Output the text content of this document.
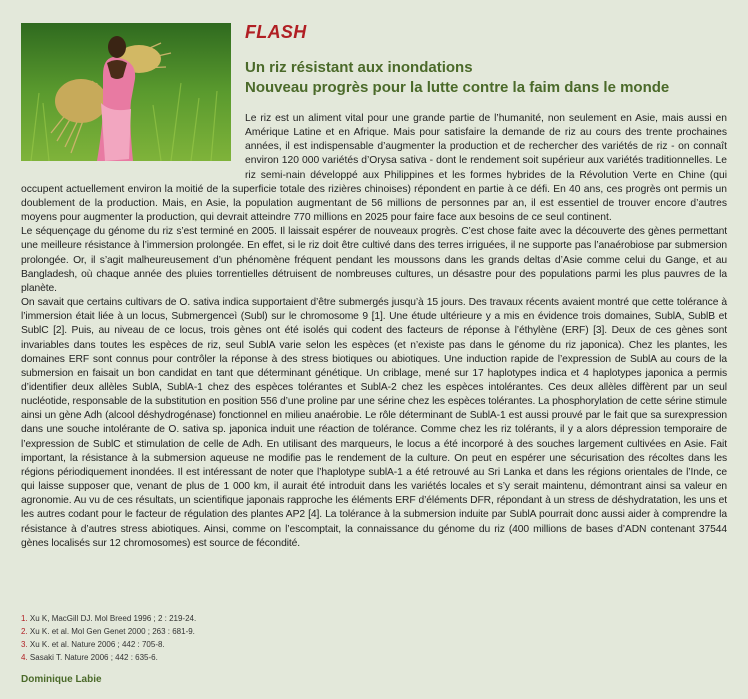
FLASH
Un riz résistant aux inondations
Nouveau progrès pour la lutte contre la faim dans le monde

Le riz est un aliment vital pour une grande partie de l’humanité, non seulement en Asie, mais aussi en Amérique Latine et en Afrique. Mais pour satisfaire la demande de riz au cours des trente prochaines années, il est indispensable d’augmenter la production et de rechercher des variétés de riz - on connaît environ 120 000 variétés d’Orysa sativa - dont le rendement soit supérieur aux variétés traditionnelles. Le riz semi-nain développé aux Philippines et les formes hybrides de la Révolution Verte en Chine (qui occupent actuellement environ la moitié de la superficie totale des rizières chinoises) répondent en partie à ce défi. En 40 ans, ces progrès ont permis un doublement de la production. Mais, en Asie, la population augmentant de 56 millions de personnes par an, il est essentiel de trouver encore d’autres moyens pour augmenter la production, qui devrait atteindre 770 millions en 2025 pour faire face aux besoins de ce seul continent.

Le séquençage du génome du riz s’est terminé en 2005. Il laissait espérer de nouveaux progrès. C’est chose faite avec la découverte des gènes permettant une meilleure résistance à l’immersion prolongée. En effet, si le riz doit être cultivé dans des terres irriguées, il ne supporte pas l’anaérobiose par submersion prolongée. Or, il s’agit malheureusement d’un phénomène fréquent pendant les moussons dans les grands deltas d’Asie comme celui du Gange, et au Bangladesh, où chaque année des pluies torrentielles détruisent de nombreuses cultures, un désastre pour des populations parmi les plus pauvres de la planète.

On savait que certains cultivars de O. sativa indica supportaient d’être submergés jusqu’à 15 jours. Des travaux récents avaient montré que cette tolérance à l’immersion était liée à un locus, Submergenceì (Subl) sur le chromosome 9 [1]. Une étude ultérieure y a mis en évidence trois domaines, SublA, SublB et SublC [2]. Puis, au niveau de ce locus, trois gènes ont été isolés qui codent des facteurs de réponse à l’éthylène (ERF) [3]. Deux de ces gènes sont invariables dans toutes les espèces de riz, seul SublA varie selon les espèces (et n’existe pas dans le génome du riz japonica). Chez les plantes, les domaines ERF sont connus pour contrôler la réponse à des stress biotiques ou abiotiques. Une induction rapide de l’expression de SublA au cours de la submersion en faisait un bon candidat en tant que déterminant génétique. Un criblage, mené sur 17 haplotypes indica et 4 haplotypes japonica a permis d’identifier deux allèles SublA, SublA-1 chez des espèces tolérantes et SublA-2 chez les espèces intolérantes. Ces deux allèles diffèrent par un seul nucléotide, responsable de la substitution en position 556 d’une proline par une sérine chez les espèces tolérantes. La phosphorylation de cette sérine stimule ainsi un gène Adh (alcool déshydrogénase) fonctionnel en milieu anaérobie. Le rôle déterminant de SublA-1 est aussi prouvé par le fait que sa surexpression dans une souche intolérante de O. sativa sp. japonica induit une réaction de tolérance. Comme chez les riz tolérants, il y a alors dépression temporaire de l’expression de SublC et stimulation de celle de Adh. En utilisant des marqueurs, le locus a été incorporé à des souches largement cultivées en Asie. Fait important, la résistance à la submersion aqueuse ne modifie pas le rendement de la culture. On peut en espérer une sécurisation des récoltes dans les régions périodiquement inondées. Il est intéressant de noter que l’haplotype sublA-1 a été retrouvé au Sri Lanka et dans les régions orientales de l’Inde, ce qui laisse supposer que, venant de plus de 1 000 km, il aurait été introduit dans les variétés locales et s’y serait maintenu, démontrant ainsi sa valeur en agronomie. Au vu de ces résultats, un scientifique japonais rapproche les éléments ERF d’éléments DFR, répondant à un stress de déshydratation, les uns et les autres codant pour le facteur de régulation des plantes AP2 [4]. La tolérance à la submersion induite par SublA pourrait donc aussi aider à comprendre la résistance à d’autres stress abiotiques. Ainsi, comme on l’escomptait, la connaissance du génome du riz (400 millions de bases d’ADN contenant 37544 gènes localisés sur 12 chromosomes) est source de fécondité.

1. Xu K, MacGill DJ. Mol Breed 1996 ; 2 : 219-24.
2. Xu K. et al. Mol Gen Genet 2000 ; 263 : 681-9.
3. Xu K. et al. Nature 2006 ; 442 : 705-8.
4. Sasaki T. Nature 2006 ; 442 : 635-6.
Dominique Labie
